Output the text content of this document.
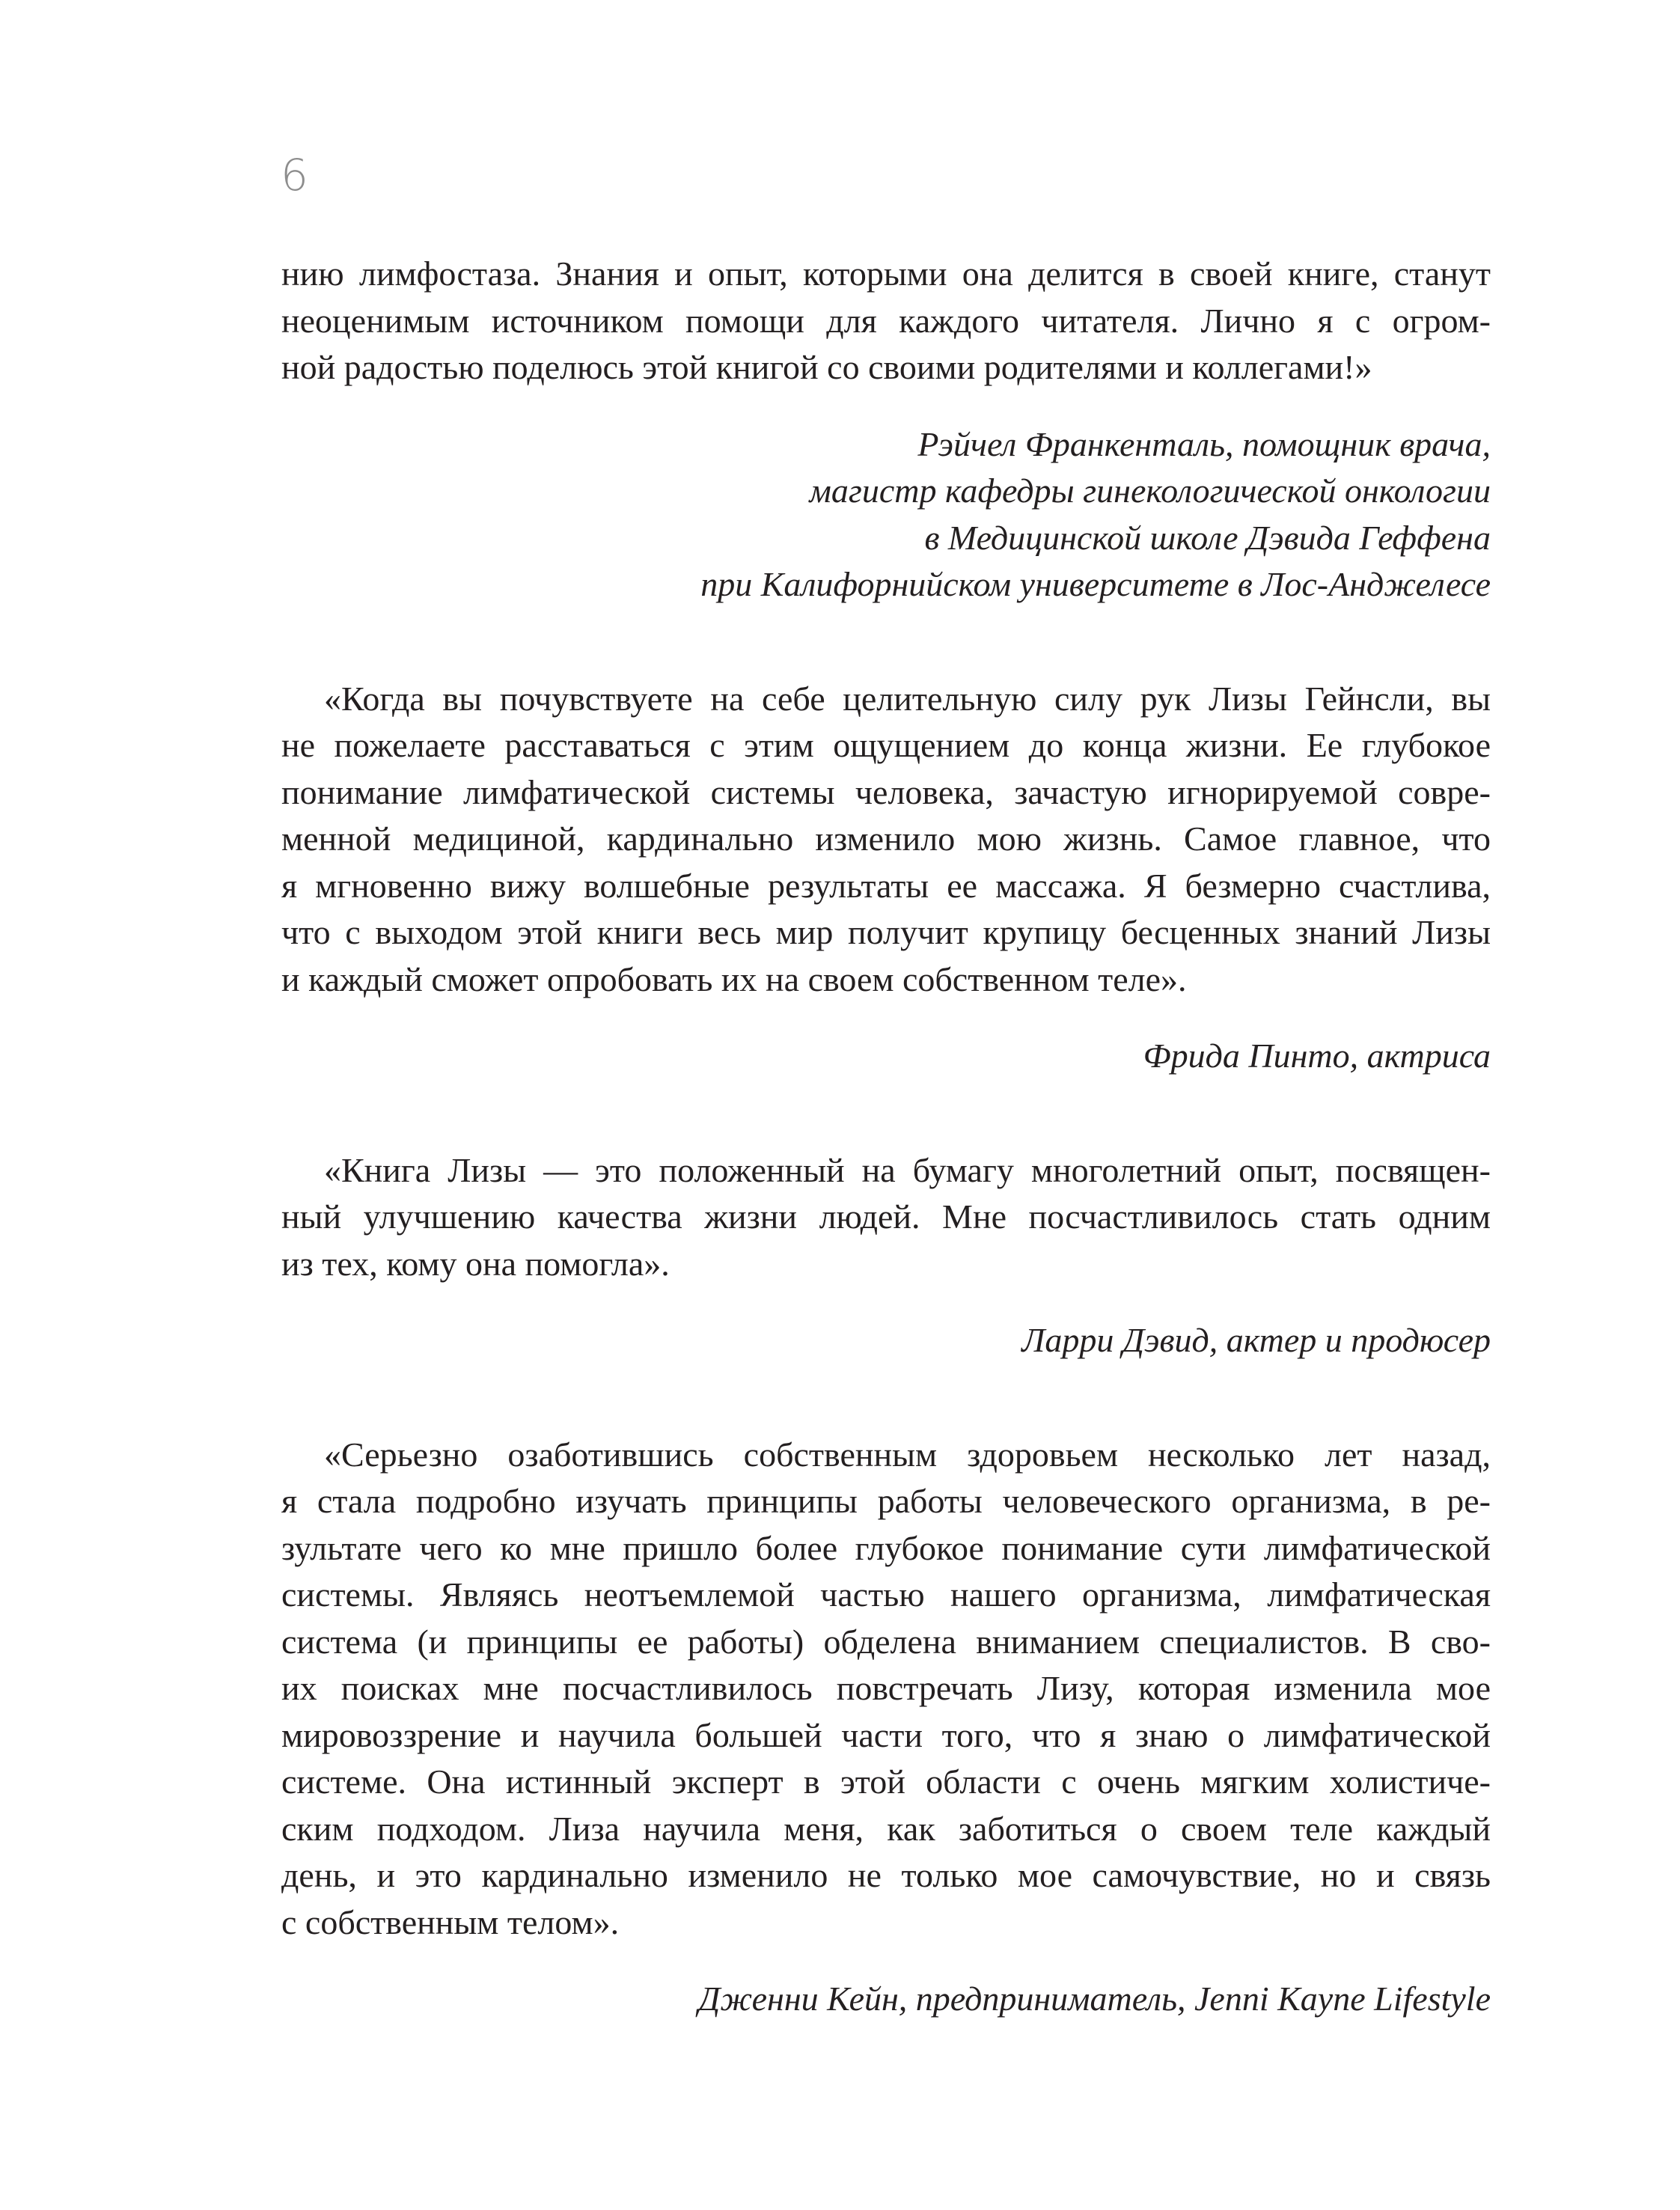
6
нию лимфостаза. Знания и опыт, которыми она делится в своей книге, станут
неоценимым источником помощи для каждого читателя. Лично я с огром-
ной радостью поделюсь этой книгой со своими родителями и коллегами!»
Рэйчел Франкенталь, помощник врача,
магистр кафедры гинекологической онкологии
в Медицинской школе Дэвида Геффена
при Калифорнийском университете в Лос-Анджелесе
«Когда вы почувствуете на себе целительную силу рук Лизы Гейнсли, вы
не пожелаете расставаться с этим ощущением до конца жизни. Ее глубокое
понимание лимфатической системы человека, зачастую игнорируемой совре-
менной медициной, кардинально изменило мою жизнь. Самое главное, что
я мгновенно вижу волшебные результаты ее массажа. Я безмерно счастлива,
что с выходом этой книги весь мир получит крупицу бесценных знаний Лизы
и каждый сможет опробовать их на своем собственном теле».
Фрида Пинто, актриса
«Книга Лизы — это положенный на бумагу многолетний опыт, посвящен-
ный улучшению качества жизни людей. Мне посчастливилось стать одним
из тех, кому она помогла».
Ларри Дэвид, актер и продюсер
«Серьезно озаботившись собственным здоровьем несколько лет назад,
я стала подробно изучать принципы работы человеческого организма, в ре-
зультате чего ко мне пришло более глубокое понимание сути лимфатической
системы. Являясь неотъемлемой частью нашего организма, лимфатическая
система (и принципы ее работы) обделена вниманием специалистов. В сво-
их поисках мне посчастливилось повстречать Лизу, которая изменила мое
мировоззрение и научила большей части того, что я знаю о лимфатической
системе. Она истинный эксперт в этой области с очень мягким холистиче-
ским подходом. Лиза научила меня, как заботиться о своем теле каждый
день, и это кардинально изменило не только мое самочувствие, но и связь
с собственным телом».
Дженни Кейн, предприниматель, Jenni Kayne Lifestyle
